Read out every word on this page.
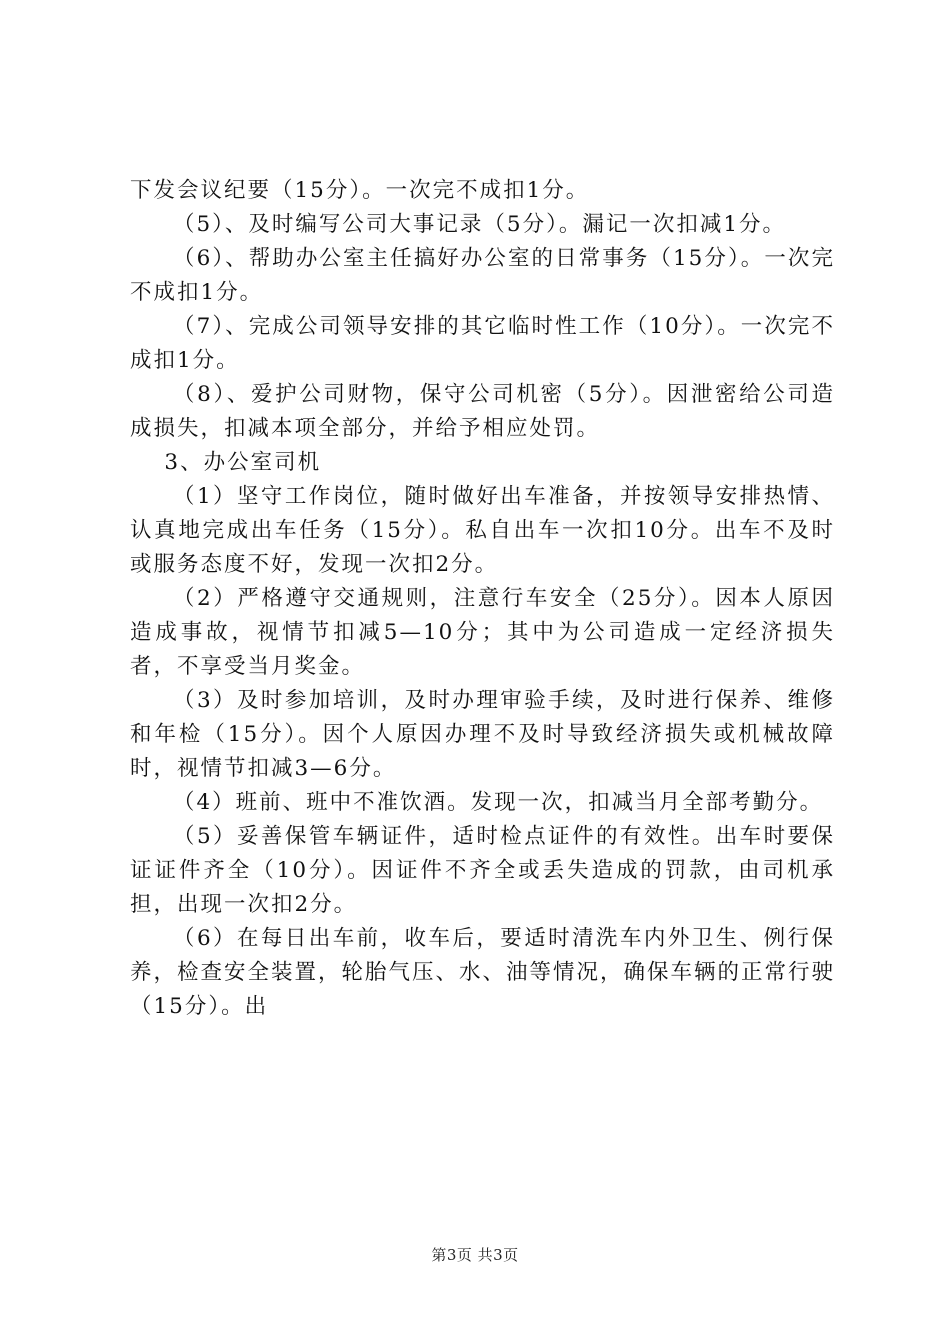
下发会议纪要（15分）。一次完不成扣1分。

（5）、及时编写公司大事记录（5分）。漏记一次扣减1分。

（6）、帮助办公室主任搞好办公室的日常事务（15分）。一次完不成扣1分。

（7）、完成公司领导安排的其它临时性工作（10分）。一次完不成扣1分。

（8）、爱护公司财物，保守公司机密（5分）。因泄密给公司造成损失，扣减本项全部分，并给予相应处罚。

3、办公室司机

（1）坚守工作岗位，随时做好出车准备，并按领导安排热情、认真地完成出车任务（15分）。私自出车一次扣10分。出车不及时或服务态度不好，发现一次扣2分。

（2）严格遵守交通规则，注意行车安全（25分）。因本人原因造成事故，视情节扣减5—10分；其中为公司造成一定经济损失者，不享受当月奖金。

（3）及时参加培训，及时办理审验手续，及时进行保养、维修和年检（15分）。因个人原因办理不及时导致经济损失或机械故障时，视情节扣减3—6分。

（4）班前、班中不准饮酒。发现一次，扣减当月全部考勤分。

（5）妥善保管车辆证件，适时检点证件的有效性。出车时要保证证件齐全（10分）。因证件不齐全或丢失造成的罚款，由司机承担，出现一次扣2分。

（6）在每日出车前，收车后，要适时清洗车内外卫生、例行保养，检查安全装置，轮胎气压、水、油等情况，确保车辆的正常行驶（15分）。出

第3页 共3页
